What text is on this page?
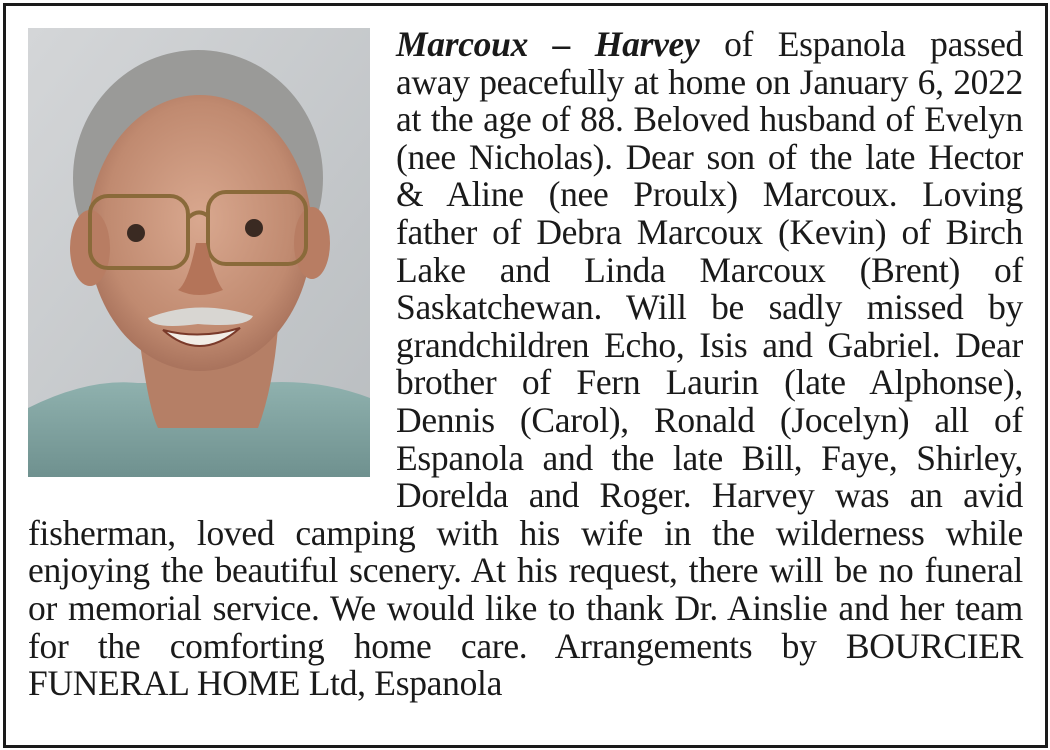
Marcoux – Harvey of Espanola passed away peacefully at home on January 6, 2022 at the age of 88. Beloved husband of Evelyn (nee Nicholas). Dear son of the late Hector & Aline (nee Proulx) Marcoux. Loving father of Debra Marcoux (Kevin) of Birch Lake and Linda Marcoux (Brent) of Saskatchewan. Will be sadly missed by grandchildren Echo, Isis and Gabriel. Dear brother of Fern Laurin (late Alphonse), Dennis (Carol), Ronald (Jocelyn) all of Espanola and the late Bill, Faye, Shirley, Dorelda and Roger. Harvey was an avid fisherman, loved camping with his wife in the wilderness while enjoying the beautiful scenery. At his request, there will be no funeral or memorial service. We would like to thank Dr. Ainslie and her team for the comforting home care. Arrangements by BOURCIER FUNERAL HOME Ltd, Espanola
